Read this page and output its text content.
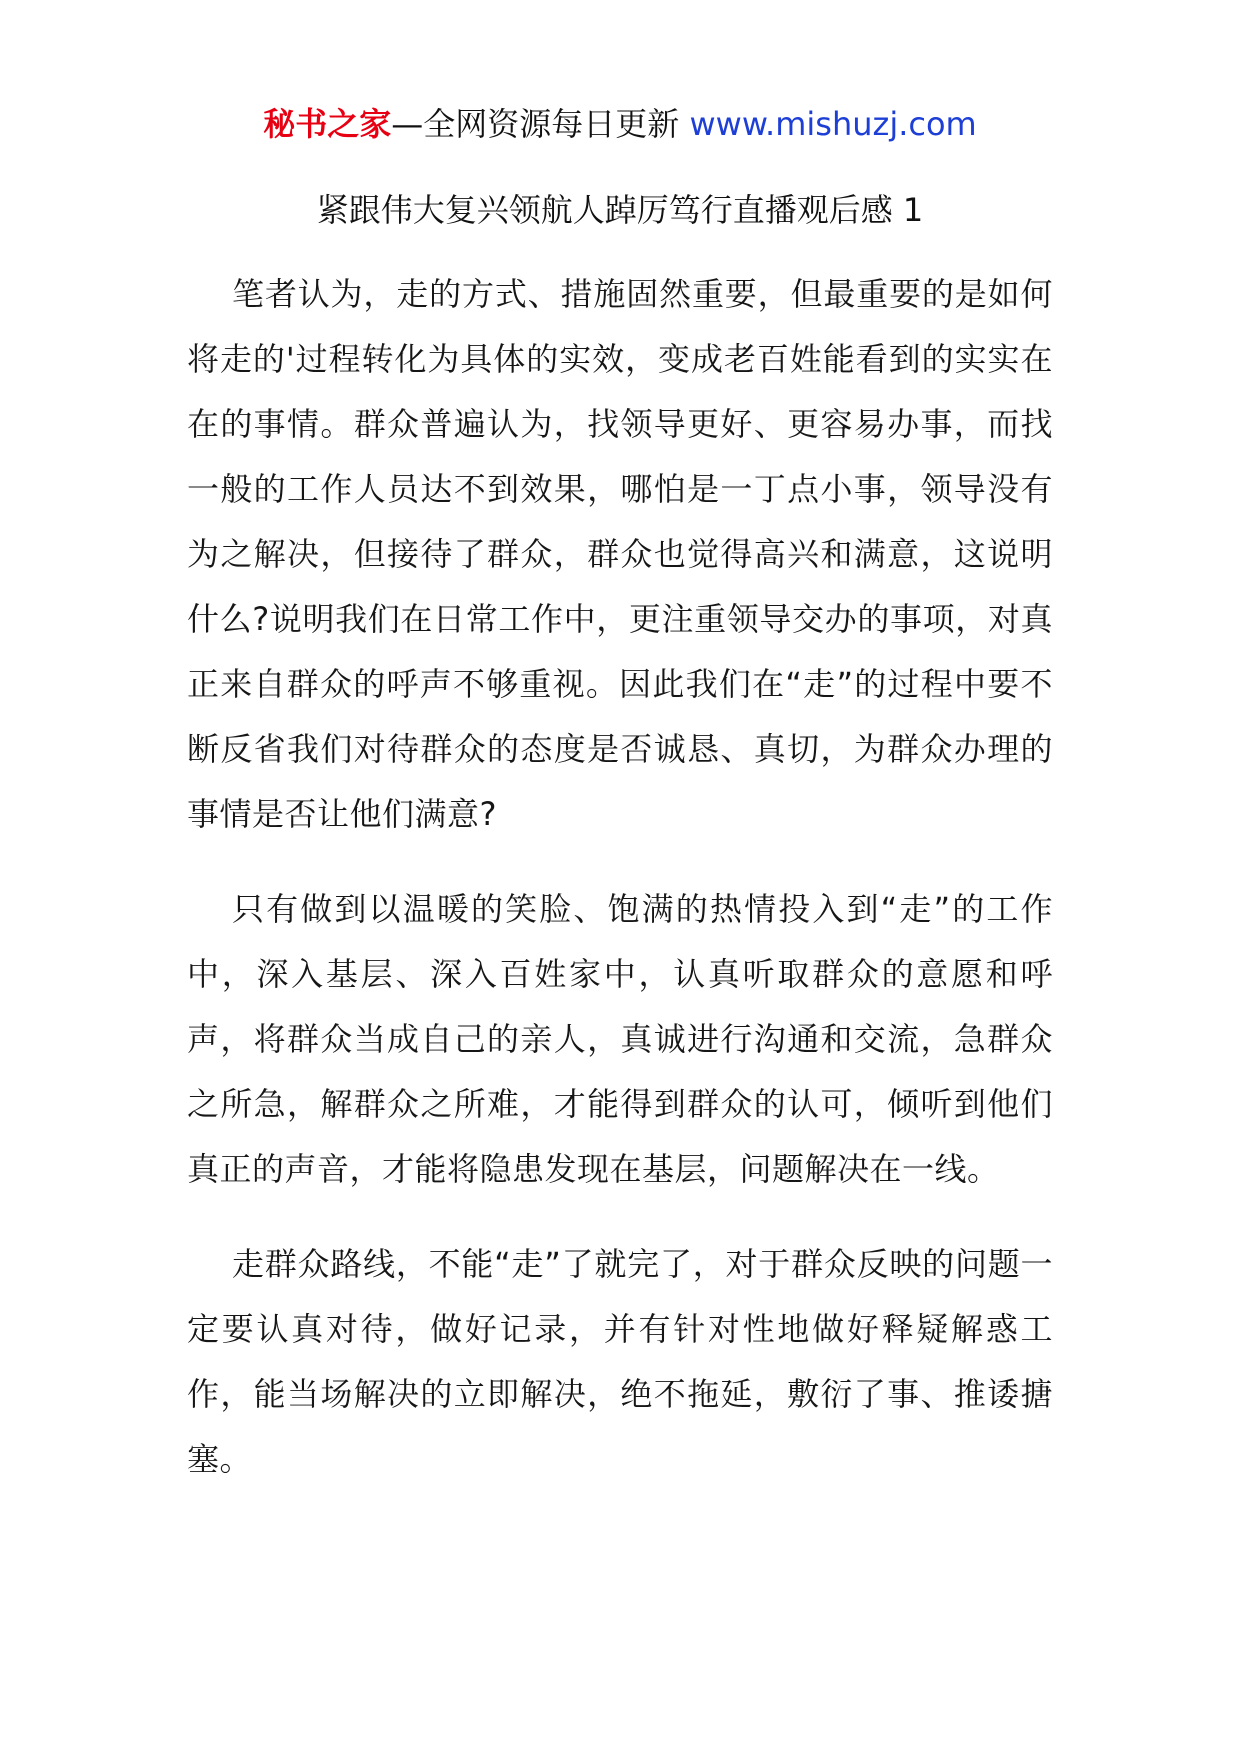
秘书之家—全网资源每日更新 www.mishuzj.com
紧跟伟大复兴领航人踔厉笃行直播观后感 1

笔者认为，走的方式、措施固然重要，但最重要的是如何将走的'过程转化为具体的实效，变成老百姓能看到的实实在在的事情。群众普遍认为，找领导更好、更容易办事，而找一般的工作人员达不到效果，哪怕是一丁点小事，领导没有为之解决，但接待了群众，群众也觉得高兴和满意，这说明什么?说明我们在日常工作中，更注重领导交办的事项，对真正来自群众的呼声不够重视。因此我们在“走”的过程中要不断反省我们对待群众的态度是否诚恳、真切，为群众办理的事情是否让他们满意?

只有做到以温暖的笑脸、饱满的热情投入到“走”的工作中，深入基层、深入百姓家中，认真听取群众的意愿和呼声，将群众当成自己的亲人，真诚进行沟通和交流，急群众之所急，解群众之所难，才能得到群众的认可，倾听到他们真正的声音，才能将隐患发现在基层，问题解决在一线。

走群众路线，不能“走”了就完了，对于群众反映的问题一定要认真对待，做好记录，并有针对性地做好释疑解惑工作，能当场解决的立即解决，绝不拖延，敷衍了事、推诿搪塞。
